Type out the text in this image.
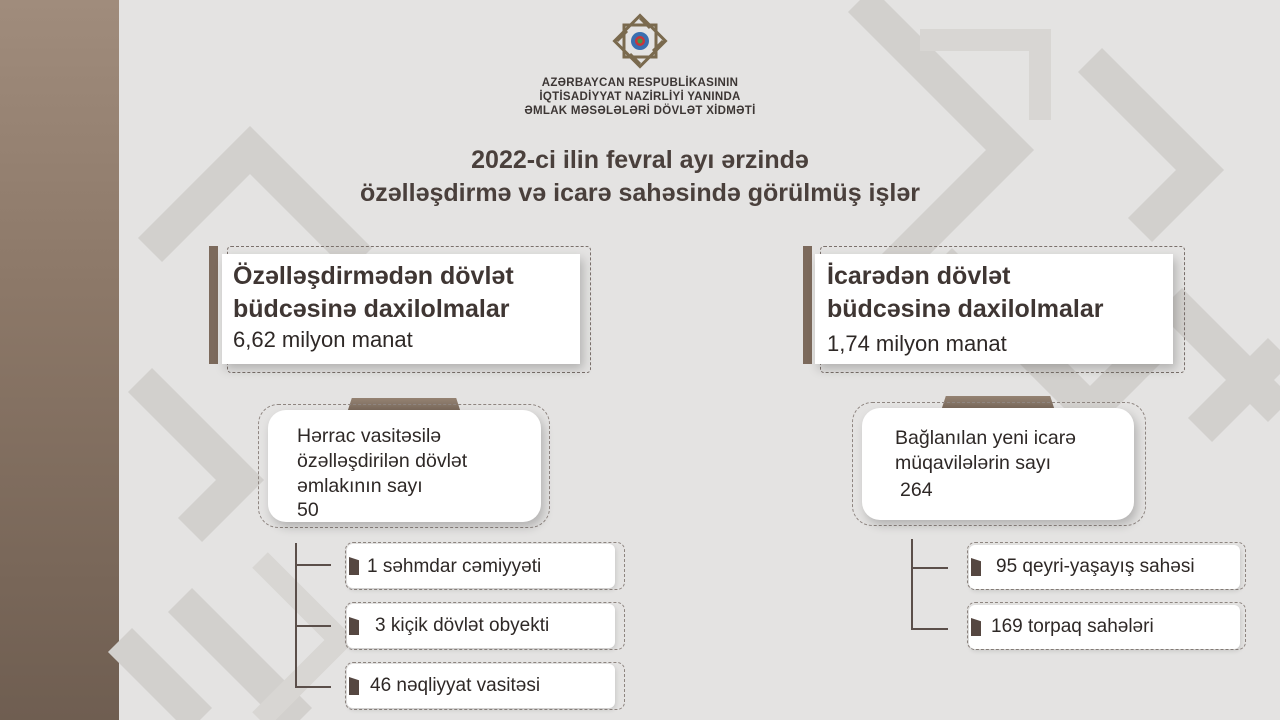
AZƏRBAYCAN RESPUBLİKASININ
İQTİSADİYYAT NAZİRLİYİ YANINDA
ƏMLAK MƏSƏLƏLƏRİ DÖVLƏT XİDMƏTİ
2022-ci ilin fevral ayı ərzində
özəlləşdirmə və icarə sahəsində görülmüş işlər
Özəlləşdirmədən dövlət
büdcəsinə daxilolmalar
6,62 milyon manat
İcarədən dövlət
büdcəsinə daxilolmalar
1,74 milyon manat
Hərrac vasitəsilə
özəlləşdirilən dövlət
əmlakının sayı
50
Bağlanılan yeni icarə
müqavilələrin sayı
264
1 səhmdar cəmiyyəti
3 kiçik dövlət obyekti
46 nəqliyyat vasitəsi
95 qeyri-yaşayış sahəsi
169 torpaq sahələri
